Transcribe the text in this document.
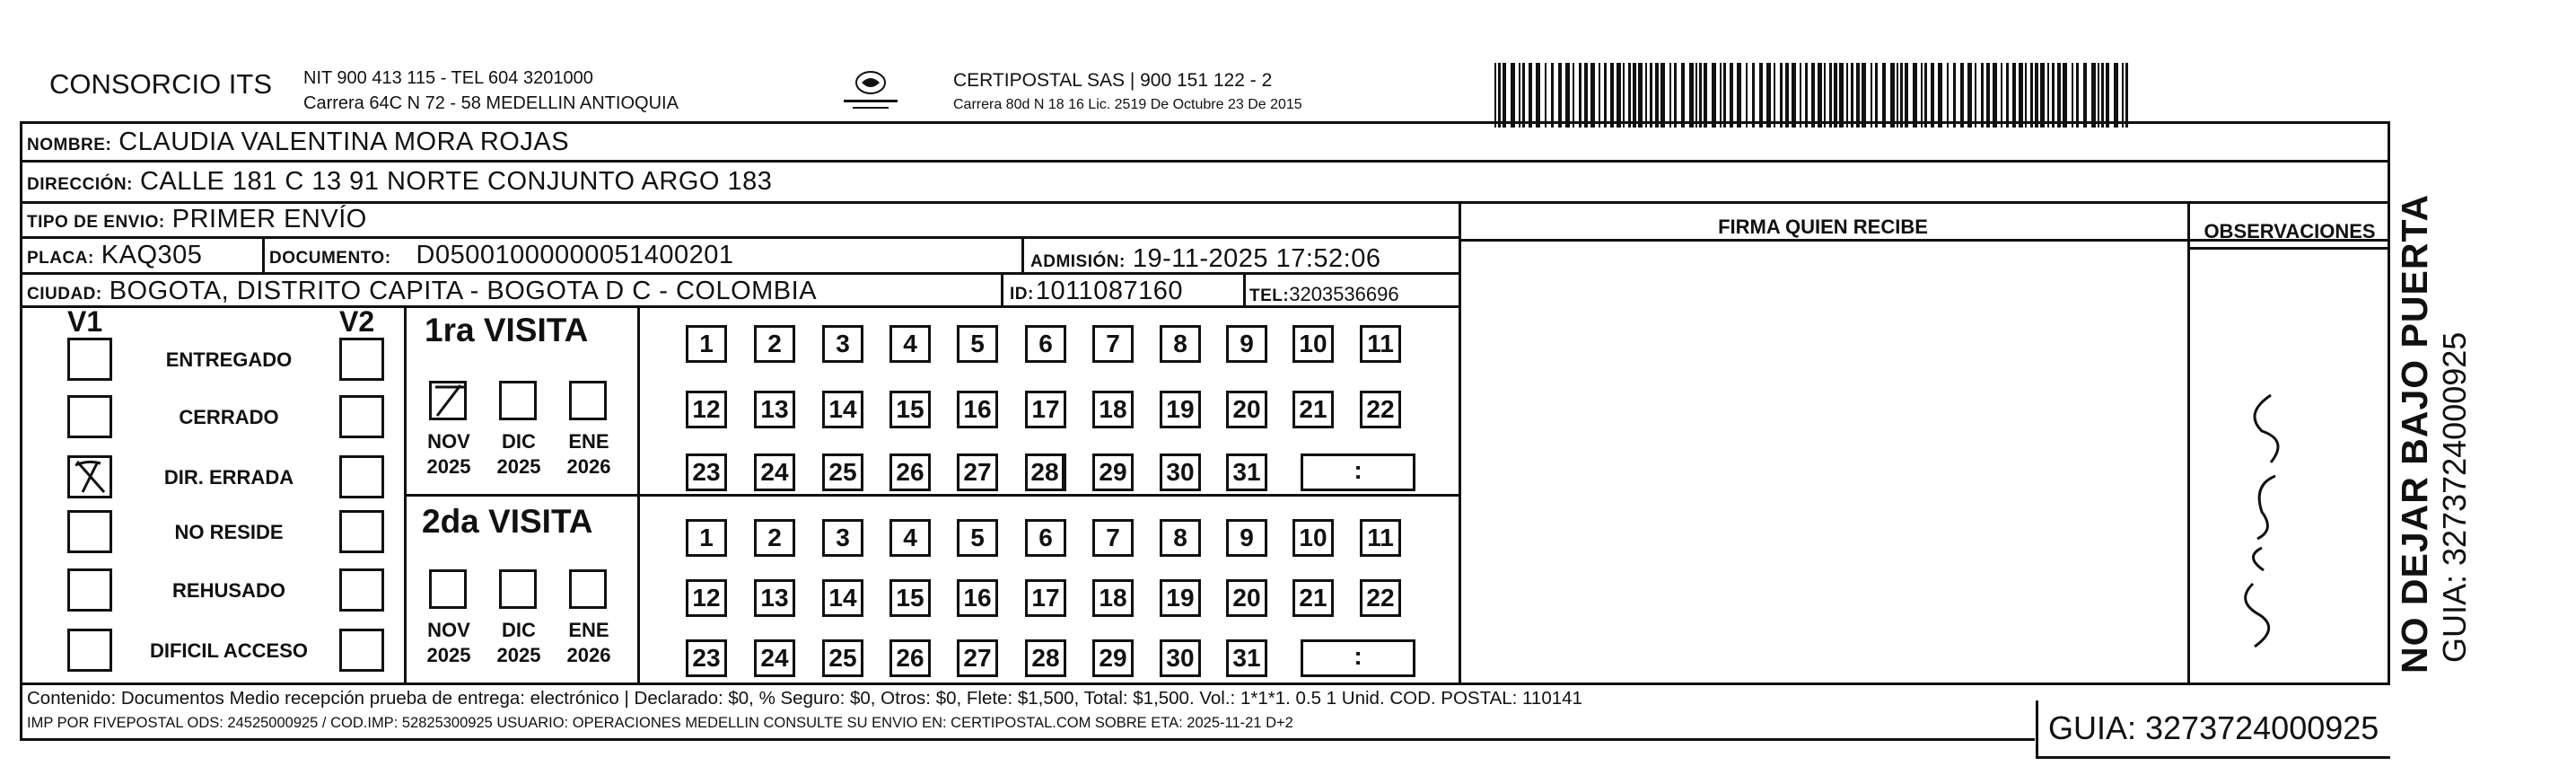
CONSORCIO ITS NIT 900 413 115 - TEL 604 3201000
Carrera 64C N 72 - 58 MEDELLIN ANTIOQUIA
CERTIPOSTAL SAS | 900 151 122 - 2
Carrera 80d N 18 16 Lic. 2519 De Octubre 23 De 2015
NOMBRE: CLAUDIA VALENTINA MORA ROJAS
DIRECCIÓN: CALLE 181 C 13 91 NORTE CONJUNTO ARGO 183
TIPO DE ENVIO: PRIMER ENVÍO
PLACA: KAQ305	DOCUMENTO: D05001000000051400201	ADMISIÓN: 19-11-2025 17:52:06
CIUDAD: BOGOTA, DISTRITO CAPITA - BOGOTA D C - COLOMBIA	ID: 1011087160	TEL: 3203536696
FIRMA QUIEN RECIBE	OBSERVACIONES
V1	V2
ENTREGADO
CERRADO
DIR. ERRADA
NO RESIDE
REHUSADO
DIFICIL ACCESO
1ra VISITA
2da VISITA
NOV
2025
DIC
2025
ENE
2026
NOV
2025
DIC
2025
ENE
2026
1	2	3	4	5	6	7	8	9	10 11
12 13 14 15 16 17 18 19 20 21 22
23 24 25 26 27 28	29 30 31	:
1	2	3	4	5	6	7	8	9	10 11
12 13 14 15 16 17 18 19 20 21 22
23 24 25 26 27 28 29 30 31	:
Contenido: Documentos Medio recepción prueba de entrega: electrónico | Declarado: $0, % Seguro: $0, Otros: $0, Flete: $1,500, Total: $1,500. Vol.: 1*1*1. 0.5 1 Unid. COD. POSTAL: 110141
IMP POR FIVEPOSTAL ODS: 24525000925 / COD.IMP: 52825300925 USUARIO: OPERACIONES MEDELLIN CONSULTE SU ENVIO EN: CERTIPOSTAL.COM SOBRE ETA: 2025-11-21 D+2	GUIA: 3273724000925
NO DEJAR BAJO PUERTA GUIA: 3273724000925
